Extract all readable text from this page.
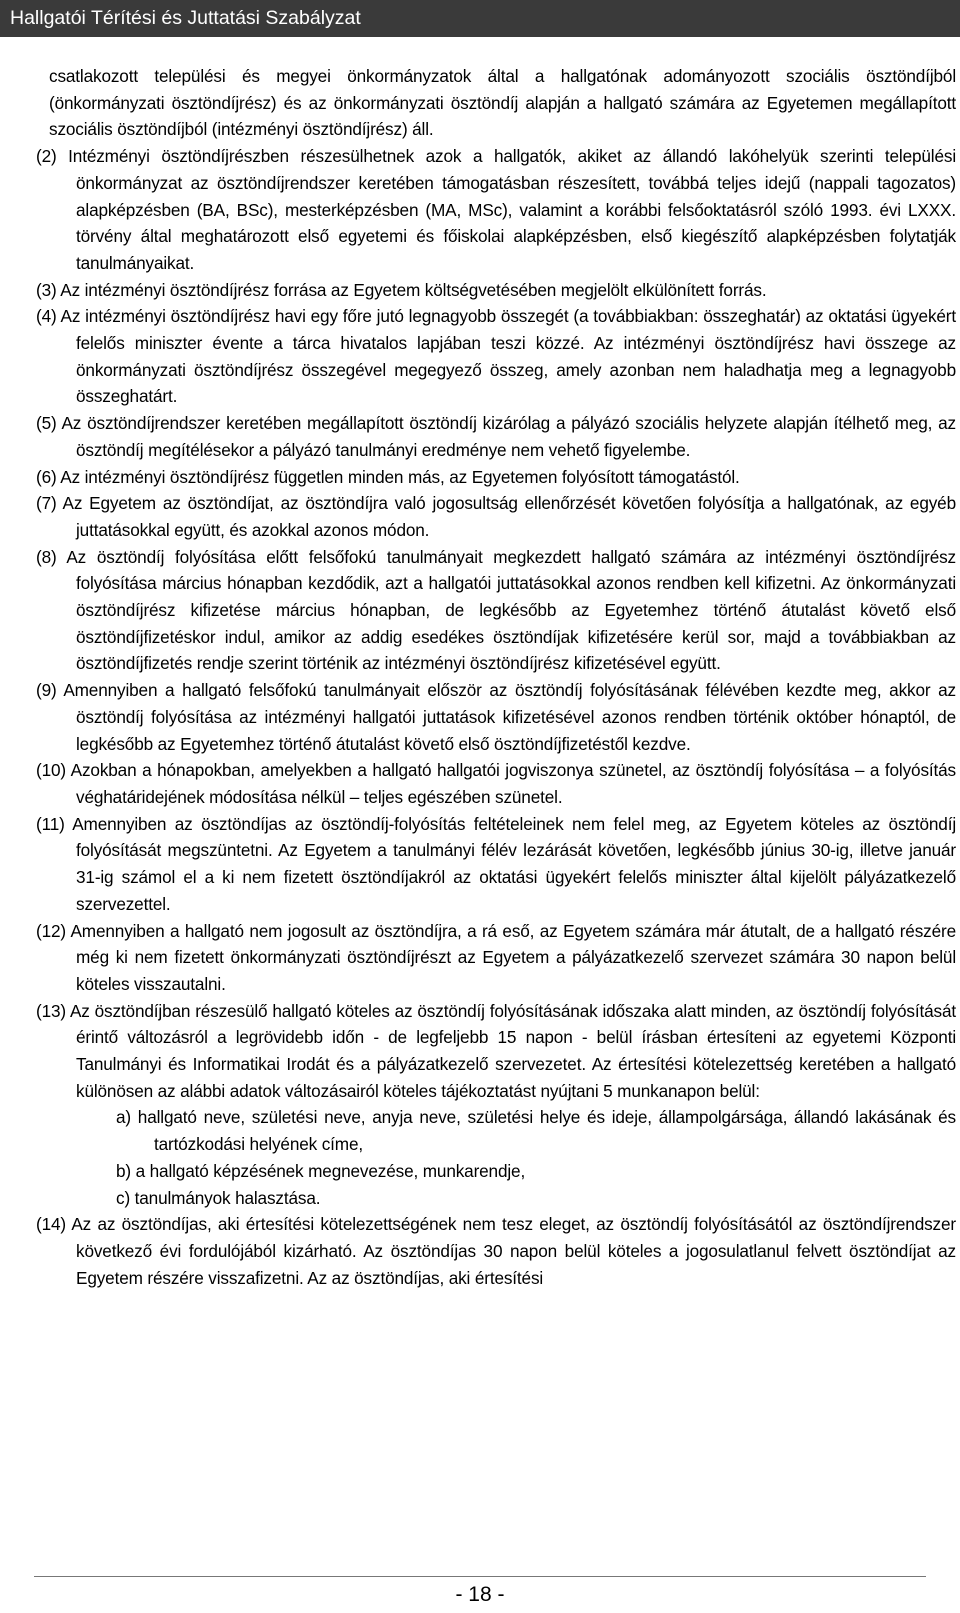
Hallgatói Térítési és Juttatási Szabályzat

csatlakozott települési és megyei önkormányzatok által a hallgatónak adományozott szociális ösztöndíjból (önkormányzati ösztöndíjrész) és az önkormányzati ösztöndíj alapján a hallgató számára az Egyetemen megállapított szociális ösztöndíjból (intézményi ösztöndíjrész) áll.

(2) Intézményi ösztöndíjrészben részesülhetnek azok a hallgatók, akiket az állandó lakóhelyük szerinti települési önkormányzat az ösztöndíjrendszer keretében támogatásban részesített, továbbá teljes idejű (nappali tagozatos) alapképzésben (BA, BSc), mesterképzésben (MA, MSc), valamint a korábbi felsőoktatásról szóló 1993. évi LXXX. törvény által meghatározott első egyetemi és főiskolai alapképzésben, első kiegészítő alapképzésben folytatják tanulmányaikat.

(3) Az intézményi ösztöndíjrész forrása az Egyetem költségvetésében megjelölt elkülönített forrás.

(4) Az intézményi ösztöndíjrész havi egy főre jutó legnagyobb összegét (a továbbiakban: összeghatár) az oktatási ügyekért felelős miniszter évente a tárca hivatalos lapjában teszi közzé. Az intézményi ösztöndíjrész havi összege az önkormányzati ösztöndíjrész összegével megegyező összeg, amely azonban nem haladhatja meg a legnagyobb összeghatárt.

(5) Az ösztöndíjrendszer keretében megállapított ösztöndíj kizárólag a pályázó szociális helyzete alapján ítélhető meg, az ösztöndíj megítélésekor a pályázó tanulmányi eredménye nem vehető figyelembe.

(6) Az intézményi ösztöndíjrész független minden más, az Egyetemen folyósított támogatástól.

(7) Az Egyetem az ösztöndíjat, az ösztöndíjra való jogosultság ellenőrzését követően folyósítja a hallgatónak, az egyéb juttatásokkal együtt, és azokkal azonos módon.

(8) Az ösztöndíj folyósítása előtt felsőfokú tanulmányait megkezdett hallgató számára az intézményi ösztöndíjrész folyósítása március hónapban kezdődik, azt a hallgatói juttatásokkal azonos rendben kell kifizetni. Az önkormányzati ösztöndíjrész kifizetése március hónapban, de legkésőbb az Egyetemhez történő átutalást követő első ösztöndíjfizetéskor indul, amikor az addig esedékes ösztöndíjak kifizetésére kerül sor, majd a továbbiakban az ösztöndíjfizetés rendje szerint történik az intézményi ösztöndíjrész kifizetésével együtt.

(9) Amennyiben a hallgató felsőfokú tanulmányait először az ösztöndíj folyósításának félévében kezdte meg, akkor az ösztöndíj folyósítása az intézményi hallgatói juttatások kifizetésével azonos rendben történik október hónaptól, de legkésőbb az Egyetemhez történő átutalást követő első ösztöndíjfizetéstől kezdve.

(10) Azokban a hónapokban, amelyekben a hallgató hallgatói jogviszonya szünetel, az ösztöndíj folyósítása – a folyósítás véghatáridejének módosítása nélkül – teljes egészében szünetel.

(11) Amennyiben az ösztöndíjas az ösztöndíj-folyósítás feltételeinek nem felel meg, az Egyetem köteles az ösztöndíj folyósítását megszüntetni. Az Egyetem a tanulmányi félév lezárását követően, legkésőbb június 30-ig, illetve január 31-ig számol el a ki nem fizetett ösztöndíjakról az oktatási ügyekért felelős miniszter által kijelölt pályázatkezelő szervezettel.

(12) Amennyiben a hallgató nem jogosult az ösztöndíjra, a rá eső, az Egyetem számára már átutalt, de a hallgató részére még ki nem fizetett önkormányzati ösztöndíjrészt az Egyetem a pályázatkezelő szervezet számára 30 napon belül köteles visszautalni.

(13) Az ösztöndíjban részesülő hallgató köteles az ösztöndíj folyósításának időszaka alatt minden, az ösztöndíj folyósítását érintő változásról a legrövidebb időn - de legfeljebb 15 napon - belül írásban értesíteni az egyetemi Központi Tanulmányi és Informatikai Irodát és a pályázatkezelő szervezetet. Az értesítési kötelezettség keretében a hallgató különösen az alábbi adatok változásairól köteles tájékoztatást nyújtani 5 munkanapon belül:

a) hallgató neve, születési neve, anyja neve, születési helye és ideje, állampolgársága, állandó lakásának és tartózkodási helyének címe,

b) a hallgató képzésének megnevezése, munkarendje,

c) tanulmányok halasztása.

(14) Az az ösztöndíjas, aki értesítési kötelezettségének nem tesz eleget, az ösztöndíj folyósításától az ösztöndíjrendszer következő évi fordulójából kizárható. Az ösztöndíjas 30 napon belül köteles a jogosulatlanul felvett ösztöndíjat az Egyetem részére visszafizetni. Az az ösztöndíjas, aki értesítési

- 18 -
